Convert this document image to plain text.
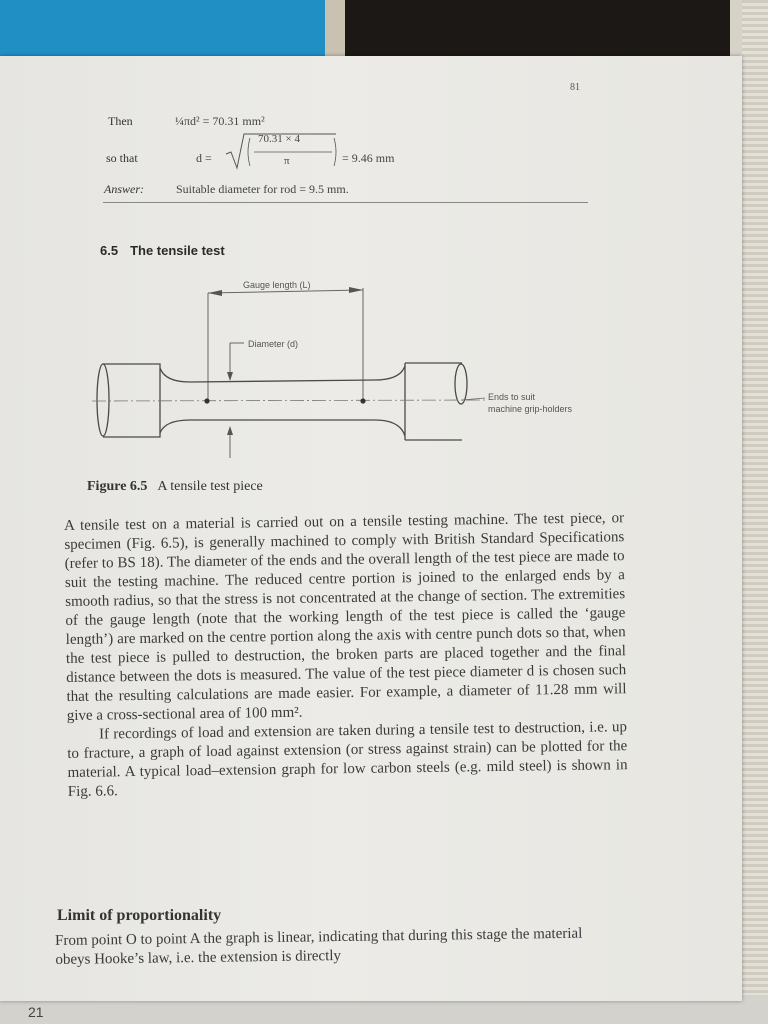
81
Then	¼πd² = 70.31 mm²
so that	d =
70.31 × 4
π	= 9.46 mm
Answer:	Suitable diameter for rod = 9.5 mm.
6.5 The tensile test
Gauge length (L)
Diameter (d)
Ends to suit
machine grip-holders
Figure 6.5 A tensile test piece

A tensile test on a material is carried out on a tensile testing machine. The test piece, or specimen (Fig. 6.5), is generally machined to comply with British Standard Specifications (refer to BS 18). The diameter of the ends and the overall length of the test piece are made to suit the testing machine. The reduced centre portion is joined to the enlarged ends by a smooth radius, so that the stress is not concentrated at the change of section. The extremities of the gauge length (note that the working length of the test piece is called the ‘gauge length’) are marked on the centre portion along the axis with centre punch dots so that, when the test piece is pulled to destruction, the broken parts are placed together and the final distance between the dots is measured. The value of the test piece diameter d is chosen such that the resulting calculations are made easier. For example, a diameter of 11.28 mm will give a cross-sectional area of 100 mm².

If recordings of load and extension are taken during a tensile test to destruction, i.e. up to fracture, a graph of load against extension (or stress against strain) can be plotted for the material. A typical load–extension graph for low carbon steels (e.g. mild steel) is shown in Fig. 6.6.

Limit of proportionality

From point O to point A the graph is linear, indicating that during this stage the material obeys Hooke’s law, i.e. the extension is directly

21
